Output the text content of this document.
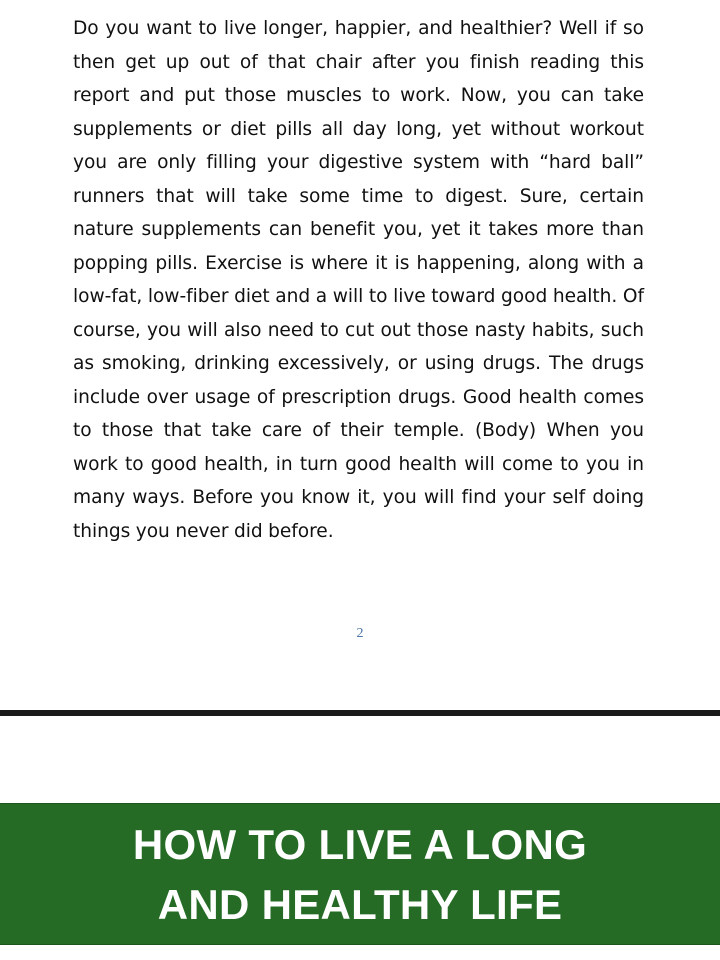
Do you want to live longer, happier, and healthier? Well if so then get up out of that chair after you finish reading this report and put those muscles to work. Now, you can take supplements or diet pills all day long, yet without workout you are only filling your digestive system with “hard ball” runners that will take some time to digest. Sure, certain nature supplements can benefit you, yet it takes more than popping pills. Exercise is where it is happening, along with a low-fat, low-fiber diet and a will to live toward good health. Of course, you will also need to cut out those nasty habits, such as smoking, drinking excessively, or using drugs. The drugs include over usage of prescription drugs. Good health comes to those that take care of their temple. (Body) When you work to good health, in turn good health will come to you in many ways. Before you know it, you will find your self doing things you never did before.

2
HOW TO LIVE A LONG
AND HEALTHY LIFE
